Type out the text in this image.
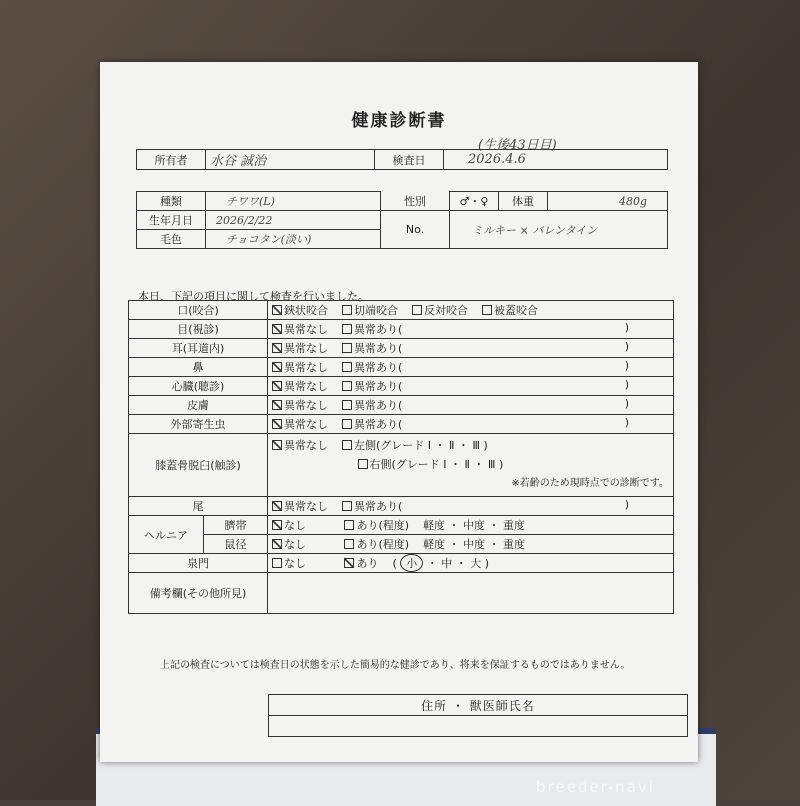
健康診断書
(生後43日目)
所有者	水谷 誠治	検査日	2026.4.6
種類	チワワ(L)	性別	♂・♀	体重	480g
生年月日	2026/2/22	No.	ミルキー × バレンタイン		
毛色	チョコタン(淡い)				
本日、下記の項目に関して検査を行いました。
口(咬合)		鋏状咬合 切端咬合 反対咬合 被蓋咬合
目(視診)		異常なし 異常あり( )

耳(耳道内)		異常なし 異常あり( )

鼻		異常なし 異常あり( )

心臓(聴診)		異常なし 異常あり( )

皮膚		異常なし 異常あり( )

外部寄生虫		異常なし 異常あり( )

膝蓋骨脱臼(触診)		異常なし 左側(グレード Ⅰ ・ Ⅱ ・ Ⅲ )
右側(グレード Ⅰ ・ Ⅱ ・ Ⅲ )

※若齢のため現時点での診断です。

尾		異常なし 異常あり( )

ヘルニア	臍帯	なし あり(程度) 軽度 ・ 中度 ・ 重度
	鼠径	なし あり(程度) 軽度 ・ 中度 ・ 重度
泉門		なし あり ( 小 ・ 中 ・ 大 )
備考欄(その他所見)		
上記の検査については検査日の状態を示した簡易的な健診であり、将来を保証するものではありません。
住所 ・ 獣医師氏名

breeder-navi
